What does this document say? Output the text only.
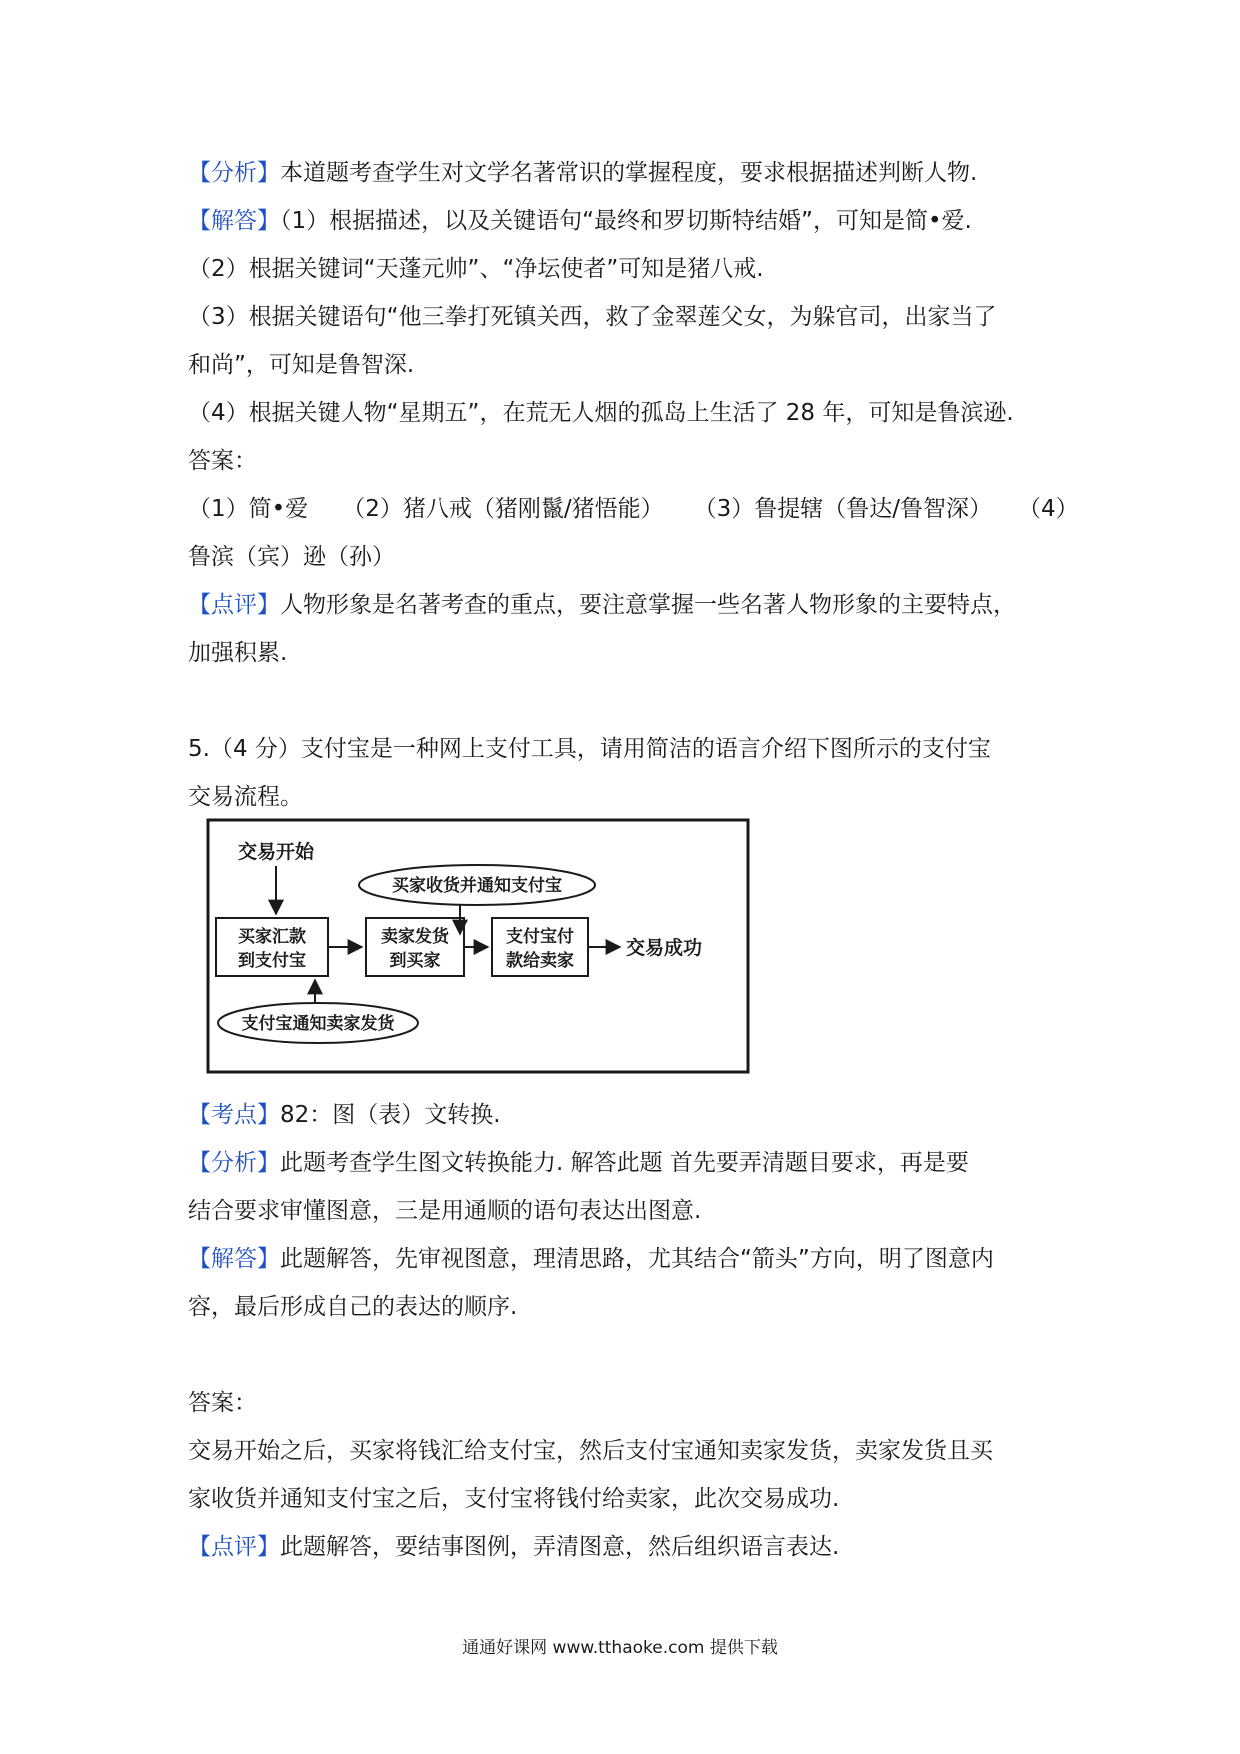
【分析】本道题考查学生对文学名著常识的掌握程度，要求根据描述判断人物.
【解答】（1）根据描述，以及关键语句“最终和罗切斯特结婚”，可知是简•爱.
（2）根据关键词“天蓬元帅”、“净坛使者”可知是猪八戒.
（3）根据关键语句“他三拳打死镇关西，救了金翠莲父女，为躲官司，出家当了
和尚”，可知是鲁智深.
（4）根据关键人物“星期五”，在荒无人烟的孤岛上生活了 28 年，可知是鲁滨逊.
答案：
（1）简•爱 （2）猪八戒（猪刚鬣/猪悟能） （3）鲁提辖（鲁达/鲁智深） （4）
鲁滨（宾）逊（孙）
【点评】人物形象是名著考查的重点，要注意掌握一些名著人物形象的主要特点，
加强积累.
5.（4 分）支付宝是一种网上支付工具，请用简洁的语言介绍下图所示的支付宝
交易流程。
交易开始
买家汇款
到支付宝
卖家发货
到买家
买家收货并通知支付宝
支付宝付
款给卖家
交易成功
支付宝通知卖家发货
【考点】82：图（表）文转换.
【分析】此题考查学生图文转换能力. 解答此题 首先要弄清题目要求，再是要
结合要求审懂图意，三是用通顺的语句表达出图意.
【解答】此题解答，先审视图意，理清思路，尤其结合“箭头”方向，明了图意内
容，最后形成自己的表达的顺序.
答案：
交易开始之后，买家将钱汇给支付宝，然后支付宝通知卖家发货，卖家发货且买
家收货并通知支付宝之后，支付宝将钱付给卖家，此次交易成功.
【点评】此题解答，要结事图例，弄清图意，然后组织语言表达.
通通好课网 www.tthaoke.com 提供下载
